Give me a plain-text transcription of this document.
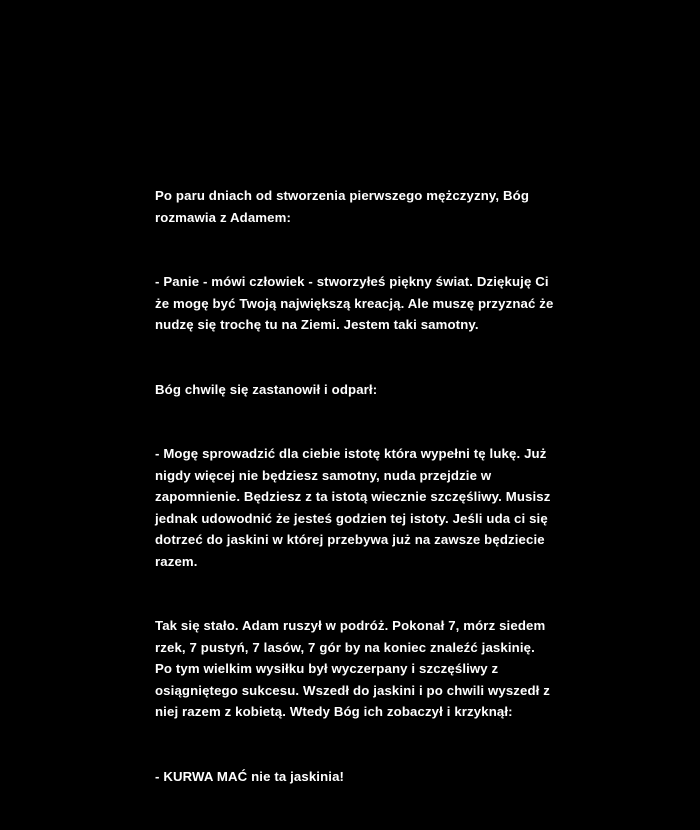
Po paru dniach od stworzenia pierwszego mężczyzny, Bóg rozmawia z Adamem:

- Panie - mówi człowiek - stworzyłeś piękny świat. Dziękuję Ci że mogę być Twoją największą kreacją. Ale muszę przyznać że nudzę się trochę tu na Ziemi. Jestem taki samotny.

Bóg chwilę się zastanowił i odparł:

- Mogę sprowadzić dla ciebie istotę która wypełni tę lukę. Już nigdy więcej nie będziesz samotny, nuda przejdzie w zapomnienie. Będziesz z ta istotą wiecznie szczęśliwy. Musisz jednak udowodnić że jesteś godzien tej istoty. Jeśli uda ci się dotrzeć do jaskini w której przebywa już na zawsze będziecie razem.

Tak się stało. Adam ruszył w podróż. Pokonał 7, mórz siedem rzek, 7 pustyń, 7 lasów, 7 gór by na koniec znaleźć jaskinię. Po tym wielkim wysiłku był wyczerpany i szczęśliwy z osiągniętego sukcesu. Wszedł do jaskini i po chwili wyszedł z niej razem z kobietą. Wtedy Bóg ich zobaczył i krzyknął:

- KURWA MAĆ nie ta jaskinia!
